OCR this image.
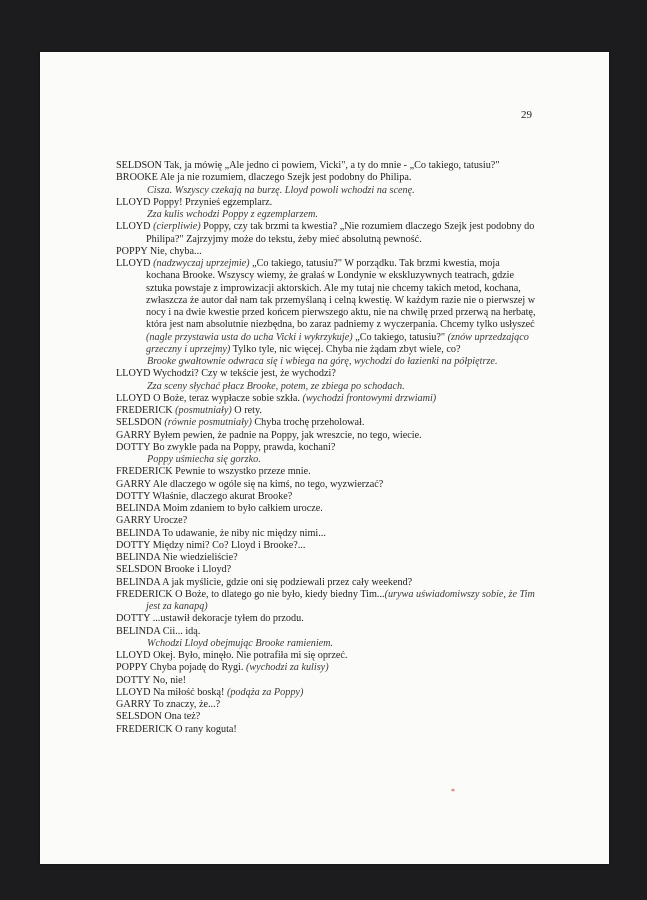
29
SELDSON Tak, ja mówię „Ale jedno ci powiem, Vicki", a ty do mnie - „Co takiego, tatusiu?"
BROOKE Ale ja nie rozumiem, dlaczego Szejk jest podobny do Philipa.
Cisza. Wszyscy czekają na burzę. Lloyd powoli wchodzi na scenę.
LLOYD Poppy! Przynieś egzemplarz.
Zza kulis wchodzi Poppy z egzemplarzem.
LLOYD (cierpliwie) Poppy, czy tak brzmi ta kwestia? „Nie rozumiem dlaczego Szejk jest podobny do Philipa?" Zajrzyjmy może do tekstu, żeby mieć absolutną pewność.
POPPY Nie, chyba...
LLOYD (nadzwyczaj uprzejmie) „Co takiego, tatusiu?" W porządku. Tak brzmi kwestia, moja kochana Brooke. Wszyscy wiemy, że grałaś w Londynie w ekskluzywnych teatrach, gdzie sztuka powstaje z improwizacji aktorskich. Ale my tutaj nie chcemy takich metod, kochana, zwłaszcza że autor dał nam tak przemyślaną i celną kwestię. W każdym razie nie o pierwszej w nocy i na dwie kwestie przed końcem pierwszego aktu, nie na chwilę przed przerwą na herbatę, która jest nam absolutnie niezbędna, bo zaraz padniemy z wyczerpania. Chcemy tylko usłyszeć (nagle przystawia usta do ucha Vicki i wykrzykuje) „Co takiego, tatusiu?" (znów uprzedzająco grzeczny i uprzejmy) Tylko tyle, nic więcej. Chyba nie żądam zbyt wiele, co?
Brooke gwałtownie odwraca się i wbiega na górę, wychodzi do łazienki na półpiętrze.
LLOYD Wychodzi? Czy w tekście jest, że wychodzi?
Zza sceny słychać płacz Brooke, potem, ze zbiega po schodach.
LLOYD O Boże, teraz wypłacze sobie szkła. (wychodzi frontowymi drzwiami)
FREDERICK (posmutniały) O rety.
SELSDON (równie posmutniały) Chyba trochę przeholował.
GARRY Byłem pewien, że padnie na Poppy, jak wreszcie, no tego, wiecie.
DOTTY Bo zwykle pada na Poppy, prawda, kochani?
Poppy uśmiecha się gorzko.
FREDERICK Pewnie to wszystko przeze mnie.
GARRY Ale dlaczego w ogóle się na kimś, no tego, wyzwierzać?
DOTTY Właśnie, dlaczego akurat Brooke?
BELINDA Moim zdaniem to było całkiem urocze.
GARRY Urocze?
BELINDA To udawanie, że niby nic między nimi...
DOTTY Między nimi? Co? Lloyd i Brooke?...
BELINDA Nie wiedzieliście?
SELSDON Brooke i Lloyd?
BELINDA A jak myślicie, gdzie oni się podziewali przez cały weekend?
FREDERICK O Boże, to dlatego go nie było, kiedy biedny Tim...(urywa uświadomiwszy sobie, że Tim jest za kanapą)
DOTTY ...ustawił dekoracje tyłem do przodu.
BELINDA Cii... idą.
Wchodzi Lloyd obejmując Brooke ramieniem.
LLOYD Okej. Było, minęło. Nie potrafiła mi się oprzeć.
POPPY Chyba pojadę do Rygi. (wychodzi za kulisy)
DOTTY No, nie!
LLOYD Na miłość boską! (podąża za Poppy)
GARRY To znaczy, że...?
SELSDON Ona też?
FREDERICK O rany koguta!
*
